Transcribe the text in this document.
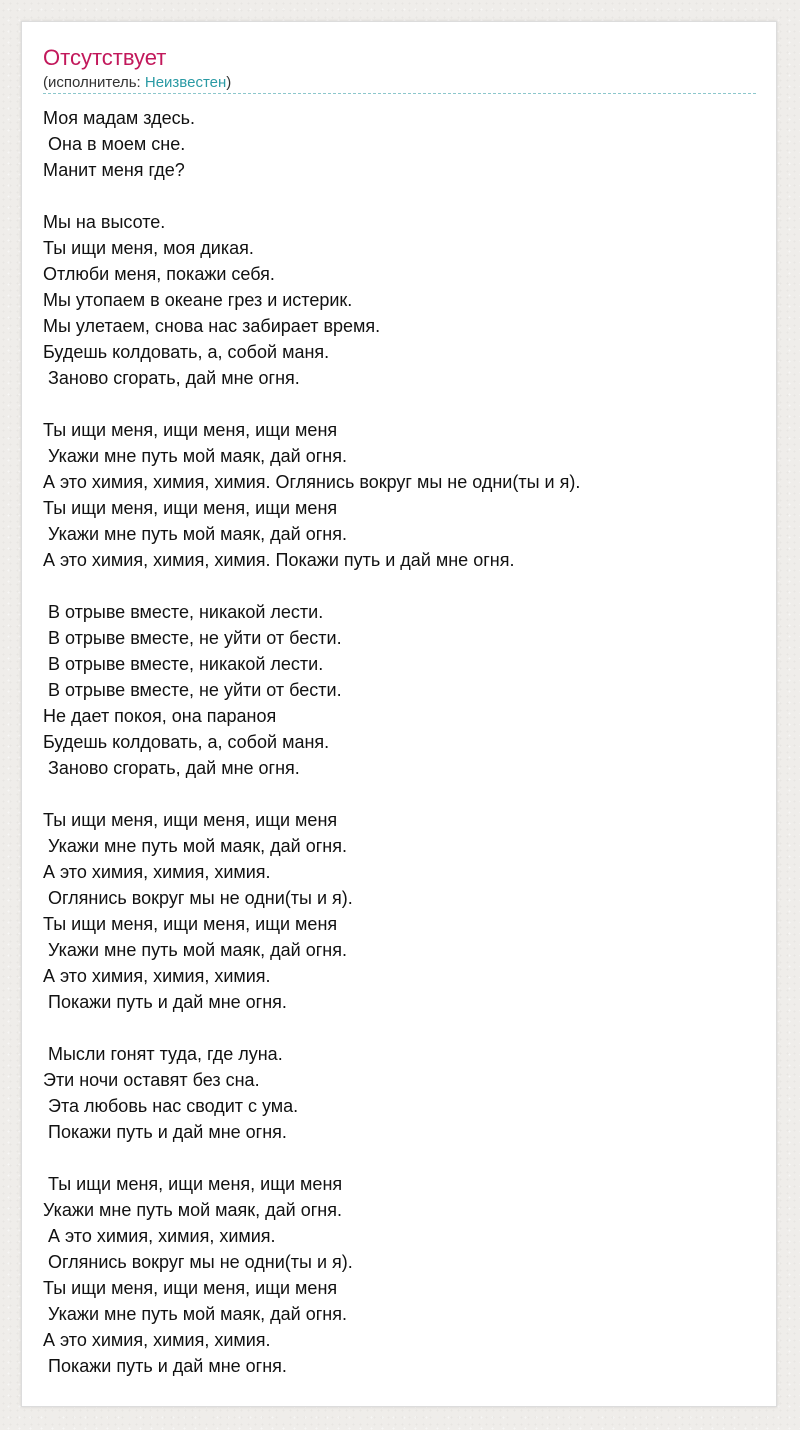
Отсутствует
(исполнитель: Неизвестен)
Моя мадам здесь.
Она в моем сне.
Манит меня где?
Мы на высоте.
Ты ищи меня, моя дикая.
Отлюби меня, покажи себя.
Мы утопаем в океане грез и истерик.
Мы улетаем, снова нас забирает время.
Будешь колдовать, а, собой маня.
Заново сгорать, дай мне огня.
Ты ищи меня, ищи меня, ищи меня
Укажи мне путь мой маяк, дай огня.
А это химия, химия, химия. Оглянись вокруг мы не одни(ты и я).
Ты ищи меня, ищи меня, ищи меня
Укажи мне путь мой маяк, дай огня.
А это химия, химия, химия. Покажи путь и дай мне огня.
В отрыве вместе, никакой лести.
В отрыве вместе, не уйти от бести.
В отрыве вместе, никакой лести.
В отрыве вместе, не уйти от бести.
Не дает покоя, она параноя
Будешь колдовать, а, собой маня.
Заново сгорать, дай мне огня.
Ты ищи меня, ищи меня, ищи меня
Укажи мне путь мой маяк, дай огня.
А это химия, химия, химия.
Оглянись вокруг мы не одни(ты и я).
Ты ищи меня, ищи меня, ищи меня
Укажи мне путь мой маяк, дай огня.
А это химия, химия, химия.
Покажи путь и дай мне огня.
Мысли гонят туда, где луна.
Эти ночи оставят без сна.
Эта любовь нас сводит с ума.
Покажи путь и дай мне огня.
Ты ищи меня, ищи меня, ищи меня
Укажи мне путь мой маяк, дай огня.
А это химия, химия, химия.
Оглянись вокруг мы не одни(ты и я).
Ты ищи меня, ищи меня, ищи меня
Укажи мне путь мой маяк, дай огня.
А это химия, химия, химия.
Покажи путь и дай мне огня.
